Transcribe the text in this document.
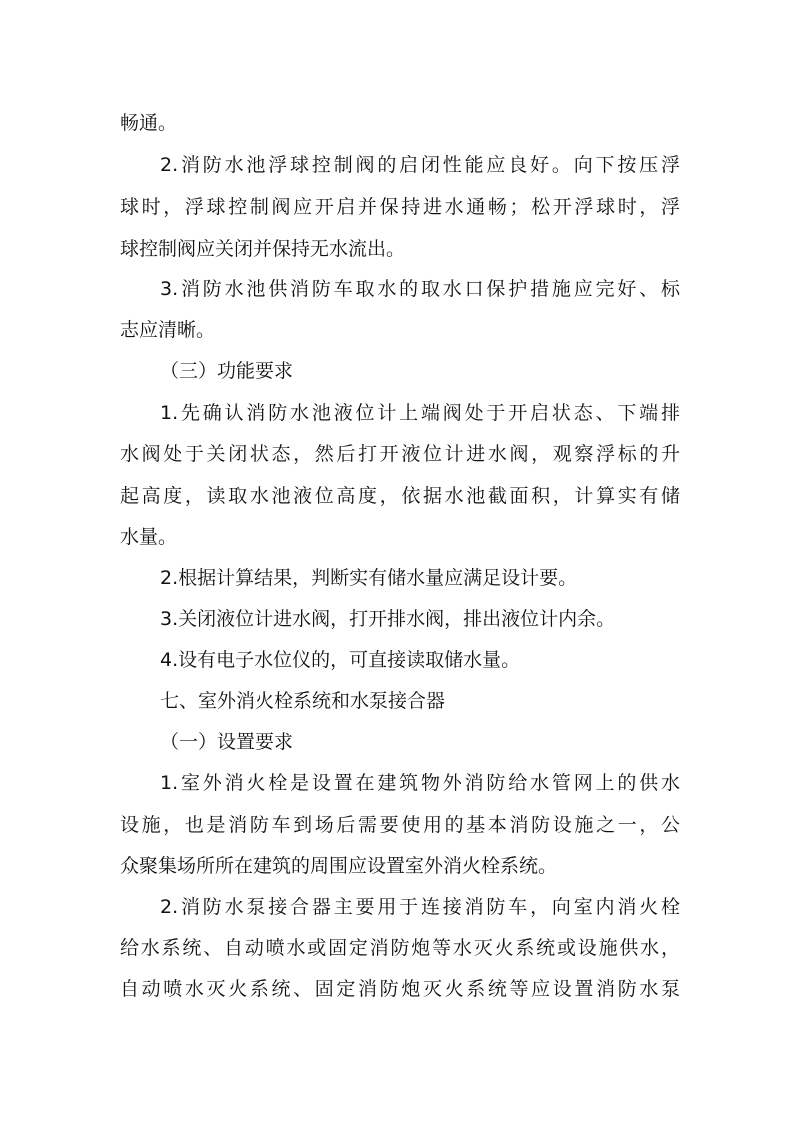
畅通。
2.消防水池浮球控制阀的启闭性能应良好。向下按压浮
球时，浮球控制阀应开启并保持进水通畅；松开浮球时，浮
球控制阀应关闭并保持无水流出。
3.消防水池供消防车取水的取水口保护措施应完好、标
志应清晰。
（三）功能要求
1.先确认消防水池液位计上端阀处于开启状态、下端排
水阀处于关闭状态，然后打开液位计进水阀，观察浮标的升
起高度，读取水池液位高度，依据水池截面积，计算实有储
水量。
2.根据计算结果，判断实有储水量应满足设计要。
3.关闭液位计进水阀，打开排水阀，排出液位计内余。
4.设有电子水位仪的，可直接读取储水量。
七、室外消火栓系统和水泵接合器
（一）设置要求
1.室外消火栓是设置在建筑物外消防给水管网上的供水
设施，也是消防车到场后需要使用的基本消防设施之一，公
众聚集场所所在建筑的周围应设置室外消火栓系统。
2.消防水泵接合器主要用于连接消防车，向室内消火栓
给水系统、自动喷水或固定消防炮等水灭火系统或设施供水，
自动喷水灭火系统、固定消防炮灭火系统等应设置消防水泵
